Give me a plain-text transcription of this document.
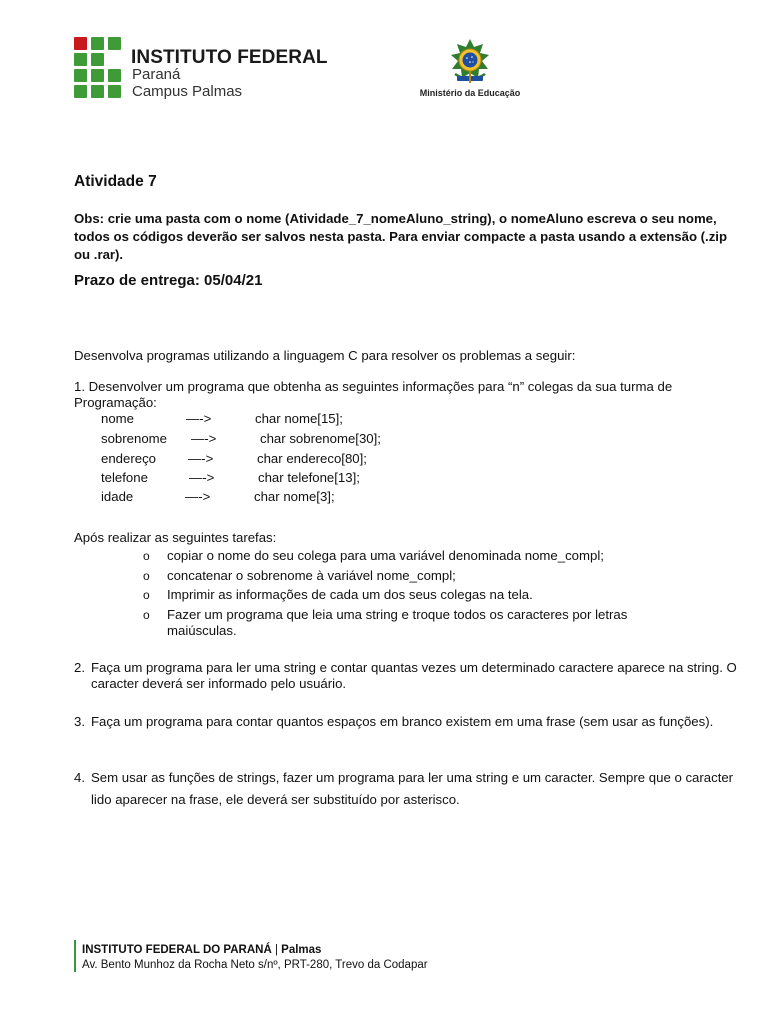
INSTITUTO FEDERAL
Paraná
Campus Palmas	Ministério da Educação
Atividade 7
Obs: crie uma pasta com o nome (Atividade_7_nomeAluno_string), o nomeAluno escreva o seu nome, todos os códigos deverão ser salvos nesta pasta. Para enviar compacte a pasta usando a extensão (.zip ou .rar).
Prazo de entrega: 05/04/21
Desenvolva programas utilizando a linguagem C para resolver os problemas a seguir:
1. Desenvolver um programa que obtenha as seguintes informações para “n” colegas da sua turma de Programação:
nome	—->	char nome[15];
sobrenome —->	char sobrenome[30];
endereço —->	char endereco[80];
telefone	—->	char telefone[13];
idade	—->	char nome[3];
Após realizar as seguintes tarefas:
o copiar o nome do seu colega para uma variável denominada nome_compl;
o concatenar o sobrenome à variável nome_compl;
o Imprimir as informações de cada um dos seus colegas na tela.
o Fazer um programa que leia uma string e troque todos os caracteres por letras maiúsculas.
2. Faça um programa para ler uma string e contar quantas vezes um determinado caractere aparece na string. O caracter deverá ser informado pelo usuário.
3. Faça um programa para contar quantos espaços em branco existem em uma frase (sem usar as funções).
4. Sem usar as funções de strings, fazer um programa para ler uma string e um caracter. Sempre que o caracter lido aparecer na frase, ele deverá ser substituído por asterisco.
INSTITUTO FEDERAL DO PARANÁ | Palmas
Av. Bento Munhoz da Rocha Neto s/nº, PRT-280, Trevo da Codapar
